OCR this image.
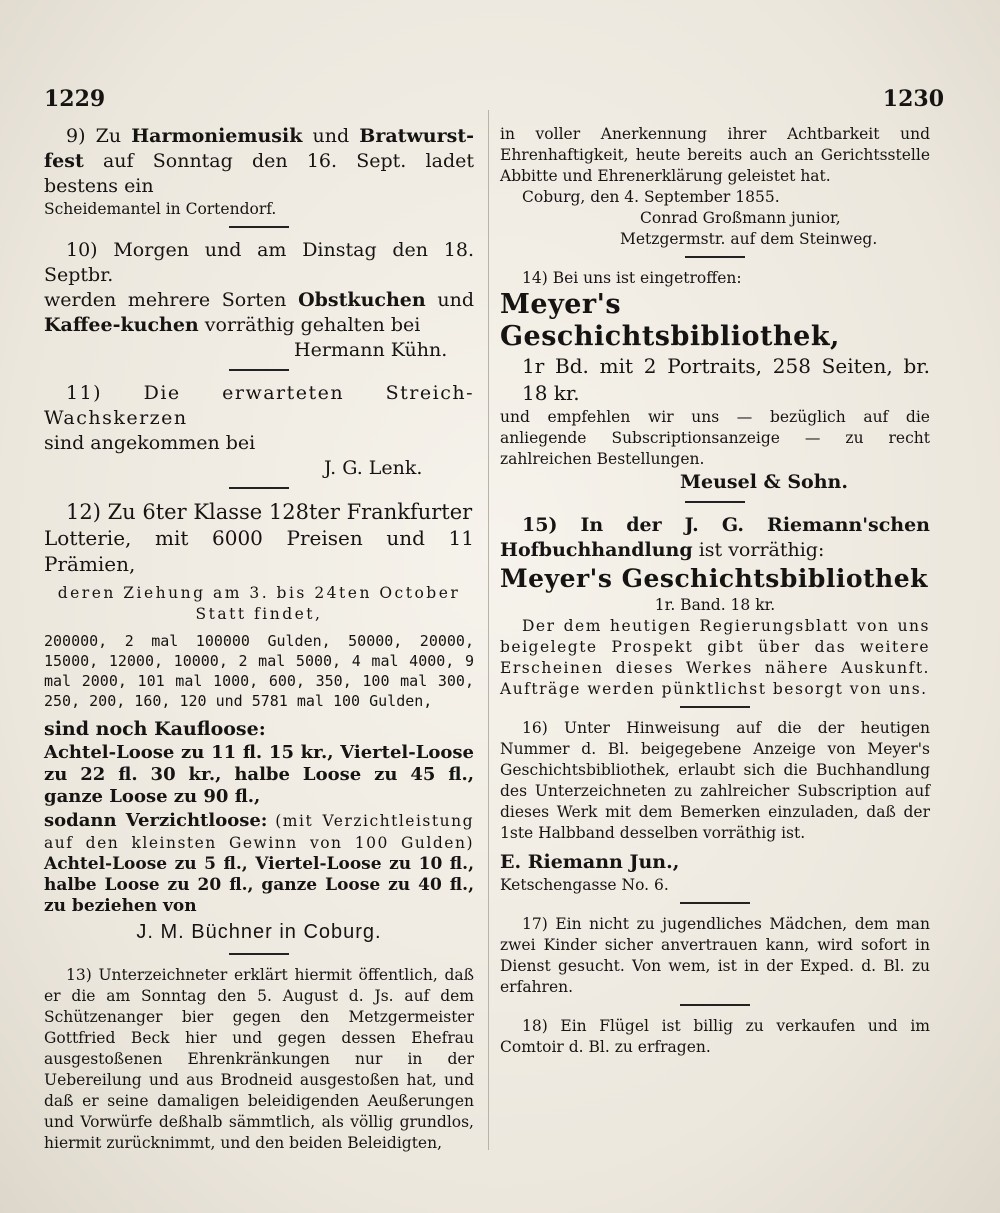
1229	1230

9) Zu Harmoniemusik und Bratwurst-fest auf Sonntag den 16. Sept. ladet bestens ein

Scheidemantel in Cortendorf.

10) Morgen und am Dinstag den 18. Septbr.

werden mehrere Sorten Obstkuchen und Kaffee-kuchen vorräthig gehalten bei

Hermann Kühn.

11) Die erwarteten Streich-Wachskerzen

sind angekommen bei

J. G. Lenk.

12) Zu 6ter Klasse 128ter Frankfurter

Lotterie, mit 6000 Preisen und 11 Prämien,

deren Ziehung am 3. bis 24ten October

Statt findet,

200000, 2 mal 100000 Gulden, 50000, 20000, 15000, 12000, 10000, 2 mal 5000, 4 mal 4000, 9 mal 2000, 101 mal 1000, 600, 350, 100 mal 300, 250, 200, 160, 120 und 5781 mal 100 Gulden,

sind noch Kaufloose:

Achtel-Loose zu 11 fl. 15 kr., Viertel-Loose zu 22 fl. 30 kr., halbe Loose zu 45 fl., ganze Loose zu 90 fl.,

sodann Verzichtloose: (mit Verzichtleistung auf den kleinsten Gewinn von 100 Gulden) Achtel-Loose zu 5 fl., Viertel-Loose zu 10 fl., halbe Loose zu 20 fl., ganze Loose zu 40 fl., zu beziehen von

J. M. Büchner in Coburg.

13) Unterzeichneter erklärt hiermit öffentlich, daß er die am Sonntag den 5. August d. Js. auf dem Schützenanger bier gegen den Metzgermeister Gottfried Beck hier und gegen dessen Ehefrau ausgestoßenen Ehrenkränkungen nur in der Uebereilung und aus Brodneid ausgestoßen hat, und daß er seine damaligen beleidigenden Aeußerungen und Vorwürfe deßhalb sämmtlich, als völlig grundlos, hiermit zurücknimmt, und den beiden Beleidigten,

in voller Anerkennung ihrer Achtbarkeit und Ehrenhaftigkeit, heute bereits auch an Gerichtsstelle Abbitte und Ehrenerklärung geleistet hat.

Coburg, den 4. September 1855.

Conrad Großmann junior,

Metzgermstr. auf dem Steinweg.

14) Bei uns ist eingetroffen:

Meyer's Geschichtsbibliothek,

1r Bd. mit 2 Portraits, 258 Seiten, br. 18 kr.

und empfehlen wir uns — bezüglich auf die anliegende Subscriptionsanzeige — zu recht zahlreichen Bestellungen.

Meusel & Sohn.

15) In der J. G. Riemann'schen Hofbuchhandlung ist vorräthig:

Meyer's Geschichtsbibliothek

1r. Band. 18 kr.

Der dem heutigen Regierungsblatt von uns beigelegte Prospekt gibt über das weitere Erscheinen dieses Werkes nähere Auskunft. Aufträge werden pünktlichst besorgt von uns.

16) Unter Hinweisung auf die der heutigen Nummer d. Bl. beigegebene Anzeige von Meyer's Geschichtsbibliothek, erlaubt sich die Buchhandlung des Unterzeichneten zu zahlreicher Subscription auf dieses Werk mit dem Bemerken einzuladen, daß der 1ste Halbband desselben vorräthig ist.

E. Riemann Jun.,

Ketschengasse No. 6.

17) Ein nicht zu jugendliches Mädchen, dem man zwei Kinder sicher anvertrauen kann, wird sofort in Dienst gesucht. Von wem, ist in der Exped. d. Bl. zu erfahren.

18) Ein Flügel ist billig zu verkaufen und im Comtoir d. Bl. zu erfragen.
